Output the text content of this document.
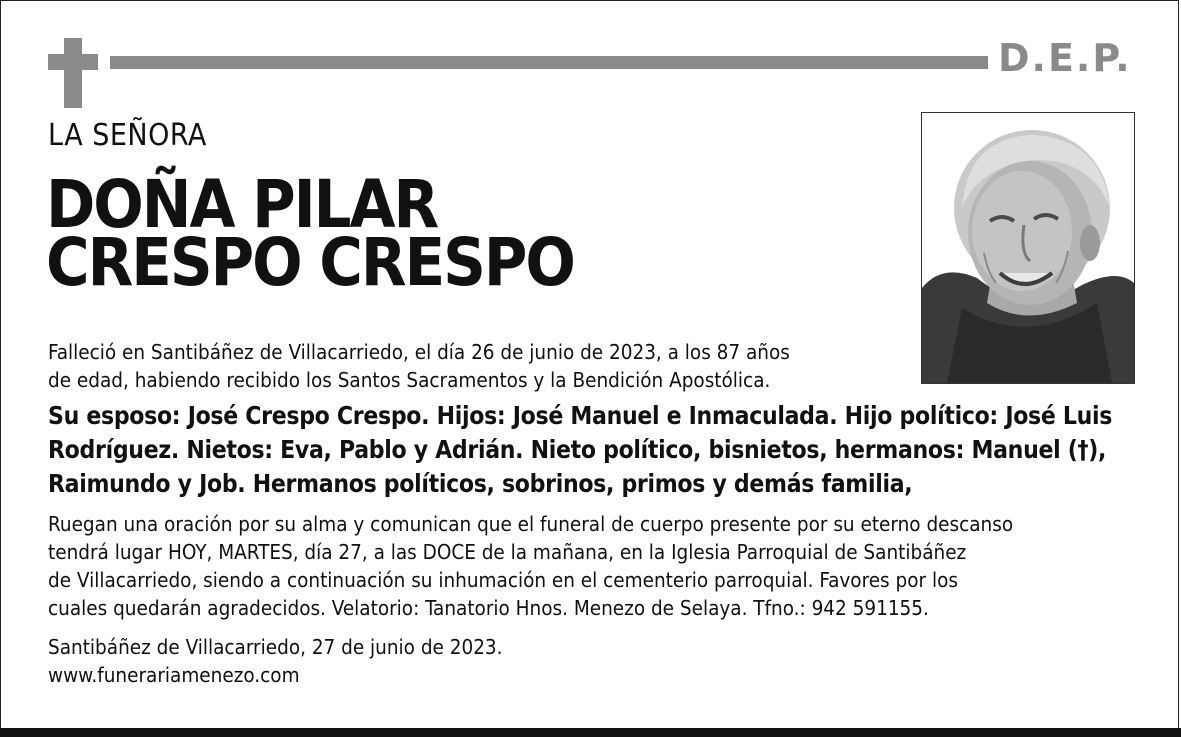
D.E.P.
LA SEÑORA
DOÑA PILAR
CRESPO CRESPO
Falleció en Santibáñez de Villacarriedo, el día 26 de junio de 2023, a los 87 años
de edad, habiendo recibido los Santos Sacramentos y la Bendición Apostólica.
Su esposo: José Crespo Crespo. Hijos: José Manuel e Inmaculada. Hijo político: José Luis
Rodríguez. Nietos: Eva, Pablo y Adrián. Nieto político, bisnietos, hermanos: Manuel (†),
Raimundo y Job. Hermanos políticos, sobrinos, primos y demás familia,
Ruegan una oración por su alma y comunican que el funeral de cuerpo presente por su eterno descanso
tendrá lugar HOY, MARTES, día 27, a las DOCE de la mañana, en la Iglesia Parroquial de Santibáñez
de Villacarriedo, siendo a continuación su inhumación en el cementerio parroquial. Favores por los
cuales quedarán agradecidos. Velatorio: Tanatorio Hnos. Menezo de Selaya. Tfno.: 942 591155.
Santibáñez de Villacarriedo, 27 de junio de 2023.
www.funerariamenezo.com
